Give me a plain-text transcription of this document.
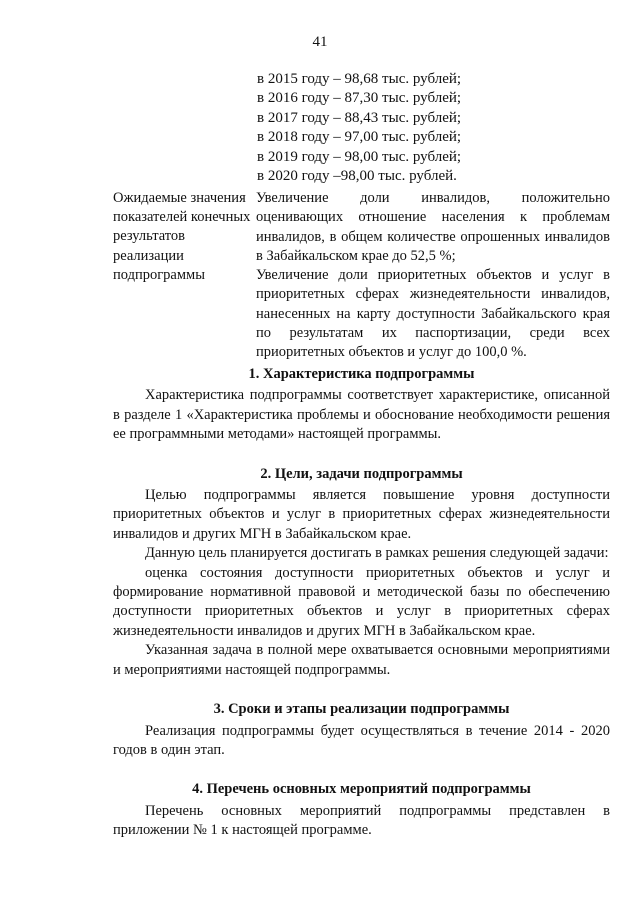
41
в 2015 году – 98,68 тыс. рублей;
в 2016 году – 87,30 тыс. рублей;
в 2017 году – 88,43 тыс. рублей;
в 2018 году – 97,00 тыс. рублей;
в 2019 году – 98,00 тыс. рублей;
в 2020 году –98,00 тыс. рублей.
Ожидаемые значения показателей конечных результатов реализации подпрограммы

Увеличение доли инвалидов, положительно оценивающих отношение населения к проблемам инвалидов, в общем количестве опрошенных инвалидов в Забайкальском крае до 52,5 %;

Увеличение доли приоритетных объектов и услуг в приоритетных сферах жизнедеятельности инвалидов, нанесенных на карту доступности Забайкальского края по результатам их паспортизации, среди всех приоритетных объектов и услуг до 100,0 %.

1. Характеристика подпрограммы

Характеристика подпрограммы соответствует характеристике, описанной в разделе 1 «Характеристика проблемы и обоснование необходимости решения ее программными методами» настоящей программы.

2. Цели, задачи подпрограммы

Целью подпрограммы является повышение уровня доступности приоритетных объектов и услуг в приоритетных сферах жизнедеятельности инвалидов и других МГН в Забайкальском крае.

Данную цель планируется достигать в рамках решения следующей задачи:

оценка состояния доступности приоритетных объектов и услуг и формирование нормативной правовой и методической базы по обеспечению доступности приоритетных объектов и услуг в приоритетных сферах жизнедеятельности инвалидов и других МГН в Забайкальском крае.

Указанная задача в полной мере охватывается основными мероприятиями и мероприятиями настоящей подпрограммы.

3. Сроки и этапы реализации подпрограммы

Реализация подпрограммы будет осуществляться в течение 2014 - 2020 годов в один этап.

4. Перечень основных мероприятий подпрограммы

Перечень основных мероприятий подпрограммы представлен в приложении № 1 к настоящей программе.
